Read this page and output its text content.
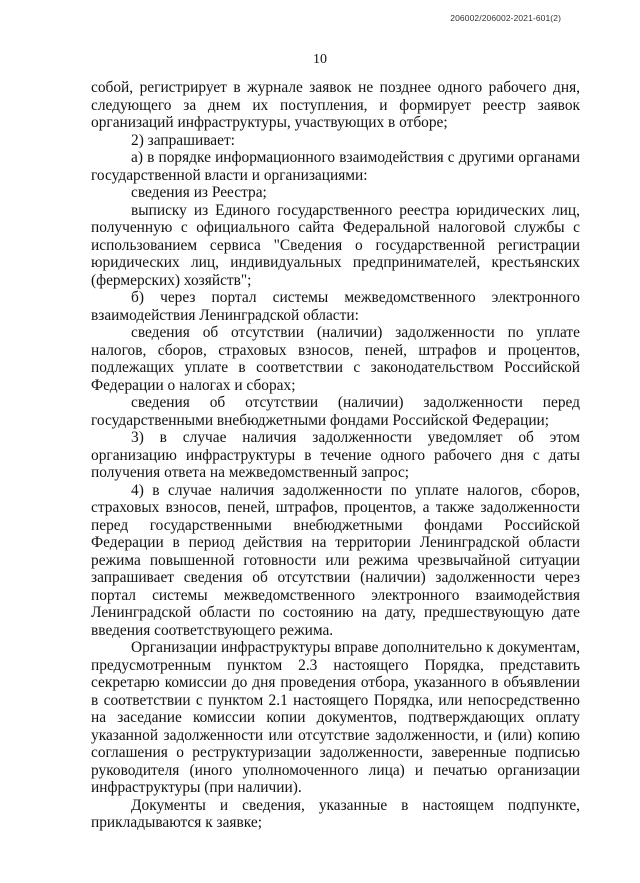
206002/206002-2021-601(2)
10

собой, регистрирует в журнале заявок не позднее одного рабочего дня, следующего за днем их поступления, и формирует реестр заявок организаций инфраструктуры, участвующих в отборе;

2) запрашивает:

а) в порядке информационного взаимодействия с другими органами государственной власти и организациями:

сведения из Реестра;

выписку из Единого государственного реестра юридических лиц, полученную с официального сайта Федеральной налоговой службы с использованием сервиса "Сведения о государственной регистрации юридических лиц, индивидуальных предпринимателей, крестьянских (фермерских) хозяйств";

б) через портал системы межведомственного электронного взаимодействия Ленинградской области:

сведения об отсутствии (наличии) задолженности по уплате налогов, сборов, страховых взносов, пеней, штрафов и процентов, подлежащих уплате в соответствии с законодательством Российской Федерации о налогах и сборах;

сведения об отсутствии (наличии) задолженности перед государственными внебюджетными фондами Российской Федерации;

3) в случае наличия задолженности уведомляет об этом организацию инфраструктуры в течение одного рабочего дня с даты получения ответа на межведомственный запрос;

4) в случае наличия задолженности по уплате налогов, сборов, страховых взносов, пеней, штрафов, процентов, а также задолженности перед государственными внебюджетными фондами Российской Федерации в период действия на территории Ленинградской области режима повышенной готовности или режима чрезвычайной ситуации запрашивает сведения об отсутствии (наличии) задолженности через портал системы межведомственного электронного взаимодействия Ленинградской области по состоянию на дату, предшествующую дате введения соответствующего режима.

Организации инфраструктуры вправе дополнительно к документам, предусмотренным пунктом 2.3 настоящего Порядка, представить секретарю комиссии до дня проведения отбора, указанного в объявлении в соответствии с пунктом 2.1 настоящего Порядка, или непосредственно на заседание комиссии копии документов, подтверждающих оплату указанной задолженности или отсутствие задолженности, и (или) копию соглашения о реструктуризации задолженности, заверенные подписью руководителя (иного уполномоченного лица) и печатью организации инфраструктуры (при наличии).

Документы и сведения, указанные в настоящем подпункте, прикладываются к заявке;
